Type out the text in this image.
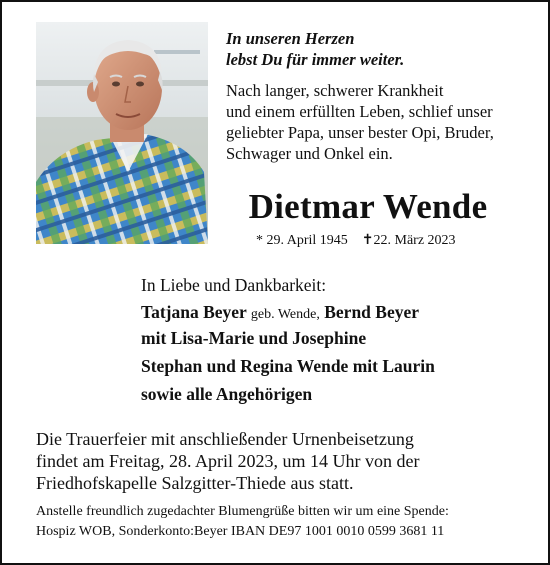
In unseren Herzen
lebst Du für immer weiter.
Nach langer, schwerer Krankheit
und einem erfüllten Leben, schlief unser
geliebter Papa, unser bester Opi, Bruder,
Schwager und Onkel ein.
Dietmar Wende
* 29. April 1945 ✝22. März 2023
In Liebe und Dankbarkeit:
Tatjana Beyer geb. Wende, Bernd Beyer
mit Lisa-Marie und Josephine
Stephan und Regina Wende mit Laurin
sowie alle Angehörigen
Die Trauerfeier mit anschließender Urnenbeisetzung
findet am Freitag, 28. April 2023, um 14 Uhr von der
Friedhofskapelle Salzgitter-Thiede aus statt.
Anstelle freundlich zugedachter Blumengrüße bitten wir um eine Spende:
Hospiz WOB, Sonderkonto:Beyer IBAN DE97 1001 0010 0599 3681 11
